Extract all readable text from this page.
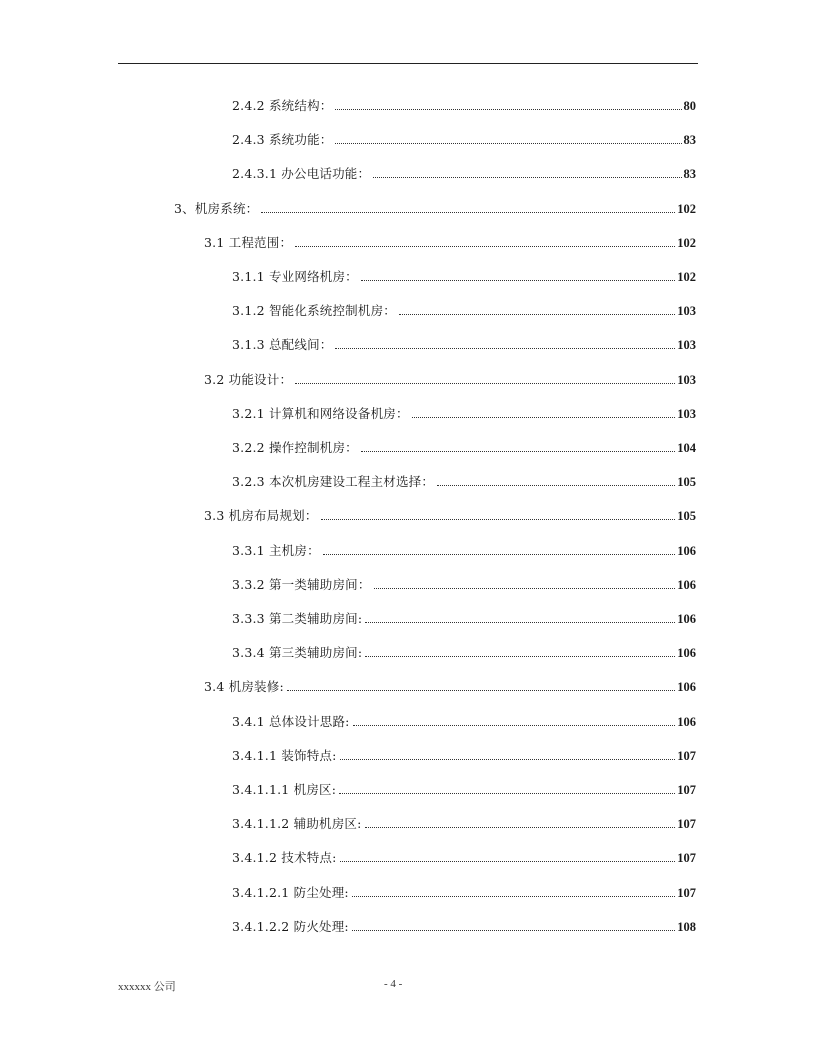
2.4.2 系统结构：	80
2.4.3 系统功能：	83
2.4.3.1 办公电话功能：	83
3、机房系统：	102
3.1 工程范围：	102
3.1.1 专业网络机房：	102
3.1.2 智能化系统控制机房：	103
3.1.3 总配线间：	103
3.2 功能设计：	103
3.2.1 计算机和网络设备机房：	103
3.2.2 操作控制机房：	104
3.2.3 本次机房建设工程主材选择：	105
3.3 机房布局规划：	105
3.3.1 主机房：	106
3.3.2 第一类辅助房间：	106
3.3.3 第二类辅助房间:	106
3.3.4 第三类辅助房间:	106
3.4 机房装修:	106
3.4.1 总体设计思路:	106
3.4.1.1 装饰特点:	107
3.4.1.1.1 机房区:	107
3.4.1.1.2 辅助机房区:	107
3.4.1.2 技术特点:	107
3.4.1.2.1 防尘处理:	107
3.4.1.2.2 防火处理:	108
xxxxxx 公司	- 4 -
